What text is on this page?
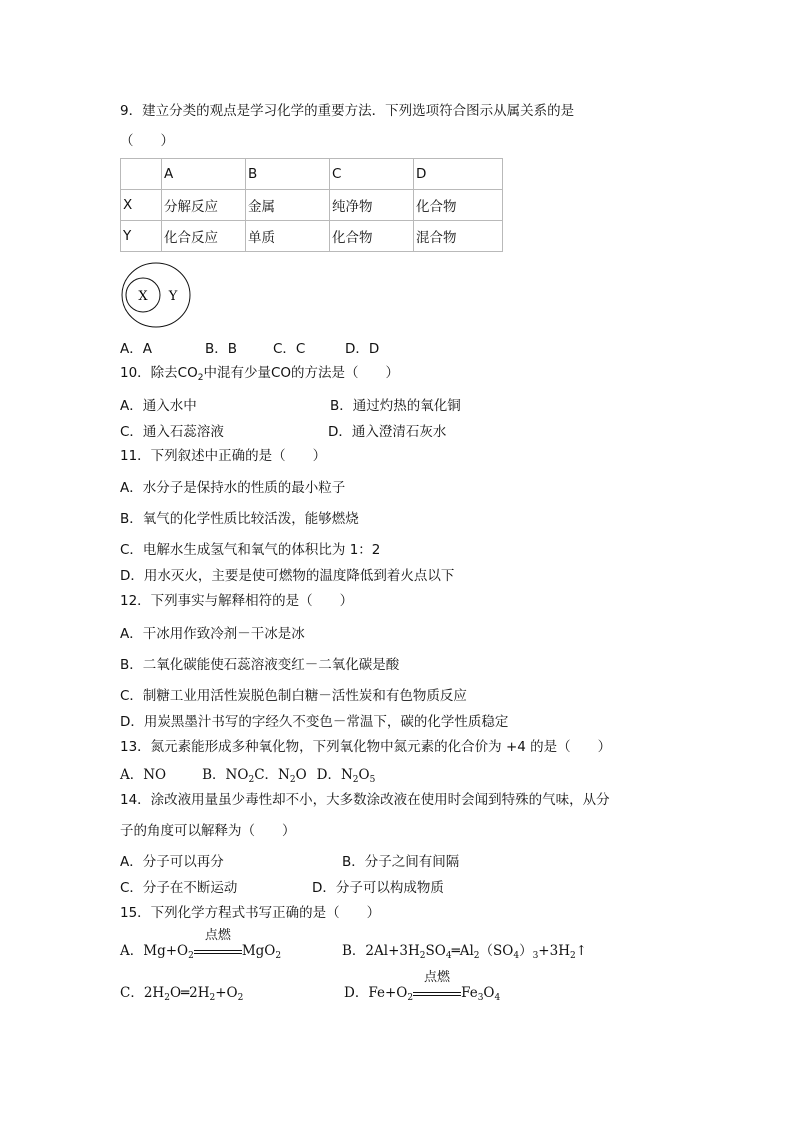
9．建立分类的观点是学习化学的重要方法．下列选项符合图示从属关系的是
（　　）
	A	B	C	D
X	分解反应	金属	纯净物	化合物
Y	化合反应	单质	化合物	混合物
X Y
A．A	B．B	C．C	D．D
10．除去$CO_2$中混有少量CO的方法是（　　）
A．通入水中	B．通过灼热的氧化铜
C．通入石蕊溶液	D．通入澄清石灰水
11．下列叙述中正确的是（　　）
A．水分子是保持水的性质的最小粒子
B．氧气的化学性质比较活泼，能够燃烧
C．电解水生成氢气和氧气的体积比为 1：2
D．用水灭火，主要是使可燃物的温度降低到着火点以下
12．下列事实与解释相符的是（　　）
A．干冰用作致冷剂－干冰是冰
B．二氧化碳能使石蕊溶液变红－二氧化碳是酸
C．制糖工业用活性炭脱色制白糖－活性炭和有色物质反应
D．用炭黑墨汁书写的字经久不变色－常温下，碳的化学性质稳定
13．氮元素能形成多种氧化物，下列氧化物中氮元素的化合价为 +4 的是（　　）
A．NO	B．$NO_2C$．$N_2O$ D．$N_2O_5$
14．涂改液用量虽少毒性却不小，大多数涂改液在使用时会闻到特殊的气味，从分
子的角度可以解释为（　　）
A．分子可以再分	B．分子之间有间隔
C．分子在不断运动	D．分子可以构成物质
15．下列化学方程式书写正确的是（　　）
A．$Mg+O_2$
点燃
MgO$_2$	B．$2Al+3H_2SO_4═Al_2(SO_4)_3+3H_2↑$
C．$2H_2O═2H_2+O_2$	D．$Fe+O_2$
点燃
$Fe_3O_4$
